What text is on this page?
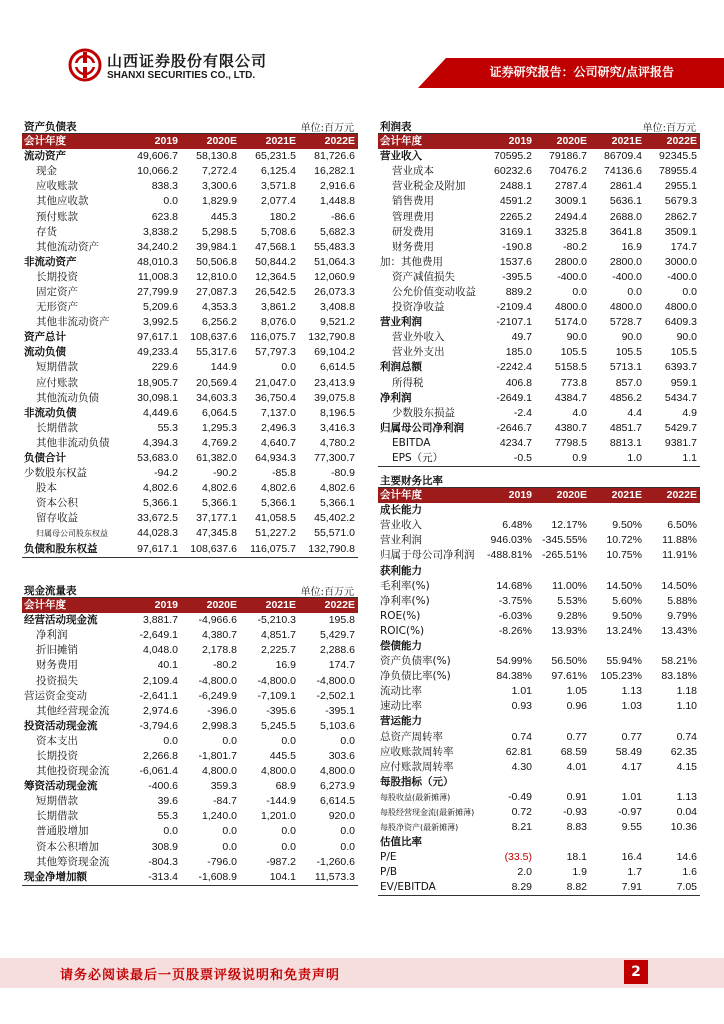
山西证券股份有限公司
SHANXI SECURITIES CO., LTD.	证券研究报告：公司研究/点评报告
资产负债表	单位:百万元
会计年度	2019	2020E	2021E	2022E
流动资产	49,606.7	58,130.8	65,231.5	81,726.6
现金	10,066.2	7,272.4	6,125.4	16,282.1
应收账款	838.3	3,300.6	3,571.8	2,916.6
其他应收款	0.0	1,829.9	2,077.4	1,448.8
预付账款	623.8	445.3	180.2	-86.6
存货	3,838.2	5,298.5	5,708.6	5,682.3
其他流动资产	34,240.2	39,984.1	47,568.1	55,483.3
非流动资产	48,010.3	50,506.8	50,844.2	51,064.3
长期投资	11,008.3	12,810.0	12,364.5	12,060.9
固定资产	27,799.9	27,087.3	26,542.5	26,073.3
无形资产	5,209.6	4,353.3	3,861.2	3,408.8
其他非流动资产	3,992.5	6,256.2	8,076.0	9,521.2
资产总计	97,617.1	108,637.6	116,075.7	132,790.8
流动负债	49,233.4	55,317.6	57,797.3	69,104.2
短期借款	229.6	144.9	0.0	6,614.5
应付账款	18,905.7	20,569.4	21,047.0	23,413.9
其他流动负债	30,098.1	34,603.3	36,750.4	39,075.8
非流动负债	4,449.6	6,064.5	7,137.0	8,196.5
长期借款	55.3	1,295.3	2,496.3	3,416.3
其他非流动负债	4,394.3	4,769.2	4,640.7	4,780.2
负债合计	53,683.0	61,382.0	64,934.3	77,300.7
少数股东权益	-94.2	-90.2	-85.8	-80.9
股本	4,802.6	4,802.6	4,802.6	4,802.6
资本公积	5,366.1	5,366.1	5,366.1	5,366.1
留存收益	33,672.5	37,177.1	41,058.5	45,402.2
归属母公司股东权益	44,028.3	47,345.8	51,227.2	55,571.0
负债和股东权益	97,617.1	108,637.6	116,075.7	132,790.8
现金流量表	单位:百万元
会计年度	2019	2020E	2021E	2022E
经营活动现金流	3,881.7	-4,966.6	-5,210.3	195.8
净利润	-2,649.1	4,380.7	4,851.7	5,429.7
折旧摊销	4,048.0	2,178.8	2,225.7	2,288.6
财务费用	40.1	-80.2	16.9	174.7
投资损失	2,109.4	-4,800.0	-4,800.0	-4,800.0
营运资金变动	-2,641.1	-6,249.9	-7,109.1	-2,502.1
其他经营现金流	2,974.6	-396.0	-395.6	-395.1
投资活动现金流	-3,794.6	2,998.3	5,245.5	5,103.6
资本支出	0.0	0.0	0.0	0.0
长期投资	2,266.8	-1,801.7	445.5	303.6
其他投资现金流	-6,061.4	4,800.0	4,800.0	4,800.0
筹资活动现金流	-400.6	359.3	68.9	6,273.9
短期借款	39.6	-84.7	-144.9	6,614.5
长期借款	55.3	1,240.0	1,201.0	920.0
普通股增加	0.0	0.0	0.0	0.0
资本公积增加	308.9	0.0	0.0	0.0
其他筹资现金流	-804.3	-796.0	-987.2	-1,260.6
现金净增加额	-313.4	-1,608.9	104.1	11,573.3
利润表	单位:百万元
会计年度	2019	2020E	2021E	2022E
营业收入	70595.2	79186.7	86709.4	92345.5
营业成本	60232.6	70476.2	74136.6	78955.4
营业税金及附加	2488.1	2787.4	2861.4	2955.1
销售费用	4591.2	3009.1	5636.1	5679.3
管理费用	2265.2	2494.4	2688.0	2862.7
研发费用	3169.1	3325.8	3641.8	3509.1
财务费用	-190.8	-80.2	16.9	174.7
加：其他费用	1537.6	2800.0	2800.0	3000.0
资产减值损失	-395.5	-400.0	-400.0	-400.0
公允价值变动收益	889.2	0.0	0.0	0.0
投资净收益	-2109.4	4800.0	4800.0	4800.0
营业利润	-2107.1	5174.0	5728.7	6409.3
营业外收入	49.7	90.0	90.0	90.0
营业外支出	185.0	105.5	105.5	105.5
利润总额	-2242.4	5158.5	5713.1	6393.7
所得税	406.8	773.8	857.0	959.1
净利润	-2649.1	4384.7	4856.2	5434.7
少数股东损益	-2.4	4.0	4.4	4.9
归属母公司净利润	-2646.7	4380.7	4851.7	5429.7
EBITDA	4234.7	7798.5	8813.1	9381.7
EPS（元）	-0.5	0.9	1.0	1.1
主要财务比率
会计年度	2019	2020E	2021E	2022E
成长能力				
营业收入	6.48%	12.17%	9.50%	6.50%
营业利润	946.03%	-345.55%	10.72%	11.88%
归属于母公司净利润	-488.81%	-265.51%	10.75%	11.91%
获利能力				
毛利率(%)	14.68%	11.00%	14.50%	14.50%
净利率(%)	-3.75%	5.53%	5.60%	5.88%
ROE(%)	-6.03%	9.28%	9.50%	9.79%
ROIC(%)	-8.26%	13.93%	13.24%	13.43%
偿债能力				
资产负债率(%)	54.99%	56.50%	55.94%	58.21%
净负债比率(%)	84.38%	97.61%	105.23%	83.18%
流动比率	1.01	1.05	1.13	1.18
速动比率	0.93	0.96	1.03	1.10
营运能力				
总资产周转率	0.74	0.77	0.77	0.74
应收账款周转率	62.81	68.59	58.49	62.35
应付账款周转率	4.30	4.01	4.17	4.15
每股指标（元）				
每股收益(最新摊薄)	-0.49	0.91	1.01	1.13
每股经营现金流(最新摊薄)	0.72	-0.93	-0.97	0.04
每股净资产(最新摊薄)	8.21	8.83	9.55	10.36
估值比率				
P/E	(33.5)	18.1	16.4	14.6
P/B	2.0	1.9	1.7	1.6
EV/EBITDA	8.29	8.82	7.91	7.05
请务必阅读最后一页股票评级说明和免责声明	2
